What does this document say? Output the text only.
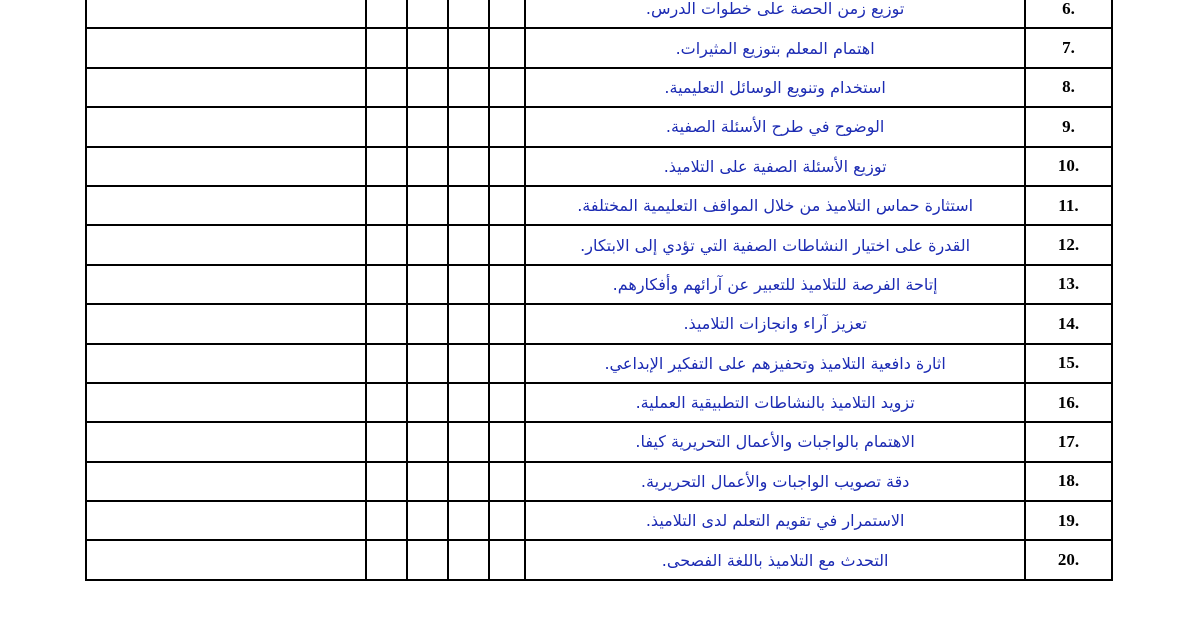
					توزيع زمن الحصة على خطوات الدرس.	6.
					اهتمام المعلم بتوزيع المثيرات.	7.
					استخدام وتنويع الوسائل التعليمية.	8.
					الوضوح في طرح الأسئلة الصفية.	9.
					توزيع الأسئلة الصفية على التلاميذ.	10.
					استثارة حماس التلاميذ من خلال المواقف التعليمية المختلفة.	11.
					القدرة على اختيار النشاطات الصفية التي تؤدي إلى الابتكار.	12.
					إتاحة الفرصة للتلاميذ للتعبير عن آرائهم وأفكارهم.	13.
					تعزيز آراء وانجازات التلاميذ.	14.
					اثارة دافعية التلاميذ وتحفيزهم على التفكير الإبداعي.	15.
					تزويد التلاميذ بالنشاطات التطبيقية العملية.	16.
					الاهتمام بالواجبات والأعمال التحريرية كيفا.	17.
					دقة تصويب الواجبات والأعمال التحريرية.	18.
					الاستمرار في تقويم التعلم لدى التلاميذ.	19.
					التحدث مع التلاميذ باللغة الفصحى.	20.
